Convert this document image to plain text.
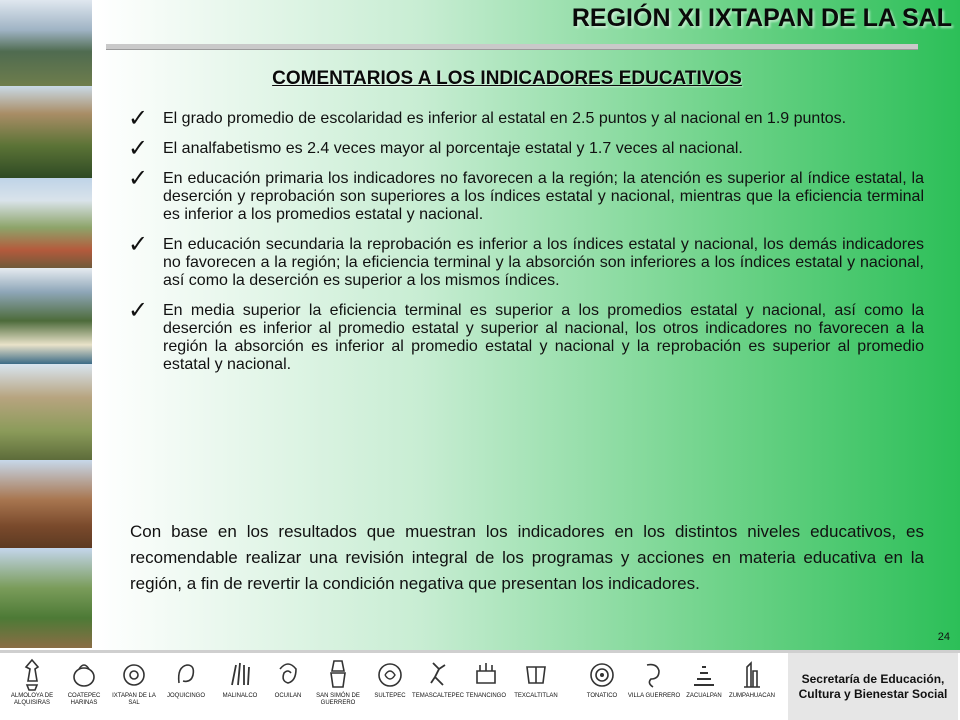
REGIÓN XI IXTAPAN DE LA SAL
COMENTARIOS A LOS INDICADORES EDUCATIVOS
✓ El grado promedio de escolaridad es inferior al estatal en 2.5 puntos y al nacional en 1.9 puntos.
✓ El analfabetismo es 2.4 veces mayor al porcentaje estatal y 1.7 veces al nacional.
✓ En educación primaria los indicadores no favorecen a la región; la atención es superior al índice estatal, la deserción y reprobación son superiores a los índices estatal y nacional, mientras que la eficiencia terminal es inferior a los promedios estatal y nacional.
✓ En educación secundaria la reprobación es inferior a los índices estatal y nacional, los demás indicadores no favorecen a la región; la eficiencia terminal y la absorción son inferiores a los índices estatal y nacional, así como la deserción es superior a los mismos índices.
✓ En media superior la eficiencia terminal es superior a los promedios estatal y nacional, así como la deserción es inferior al promedio estatal y superior al nacional, los otros indicadores no favorecen a la región la absorción es inferior al promedio estatal y nacional y la reprobación es superior al promedio estatal y nacional.

Con base en los resultados que muestran los indicadores en los distintos niveles educativos, es recomendable realizar una revisión integral de los programas y acciones en materia educativa en la región, a fin de revertir la condición negativa que presentan los indicadores.

24
ALMOLOYA DE ALQUISIRAS
COATEPEC HARINAS
IXTAPAN DE LA SAL
JOQUICINGO	MALINALCO	OCUILAN	SAN SIMÓN DE GUERRERO
SULTEPEC	TEMASCALTEPEC TENANCINGO	TEXCALTITLAN	TONATICO	VILLA GUERRERO	ZACUALPAN	ZUMPAHUACAN
Secretaría de Educación,
Cultura y Bienestar Social
